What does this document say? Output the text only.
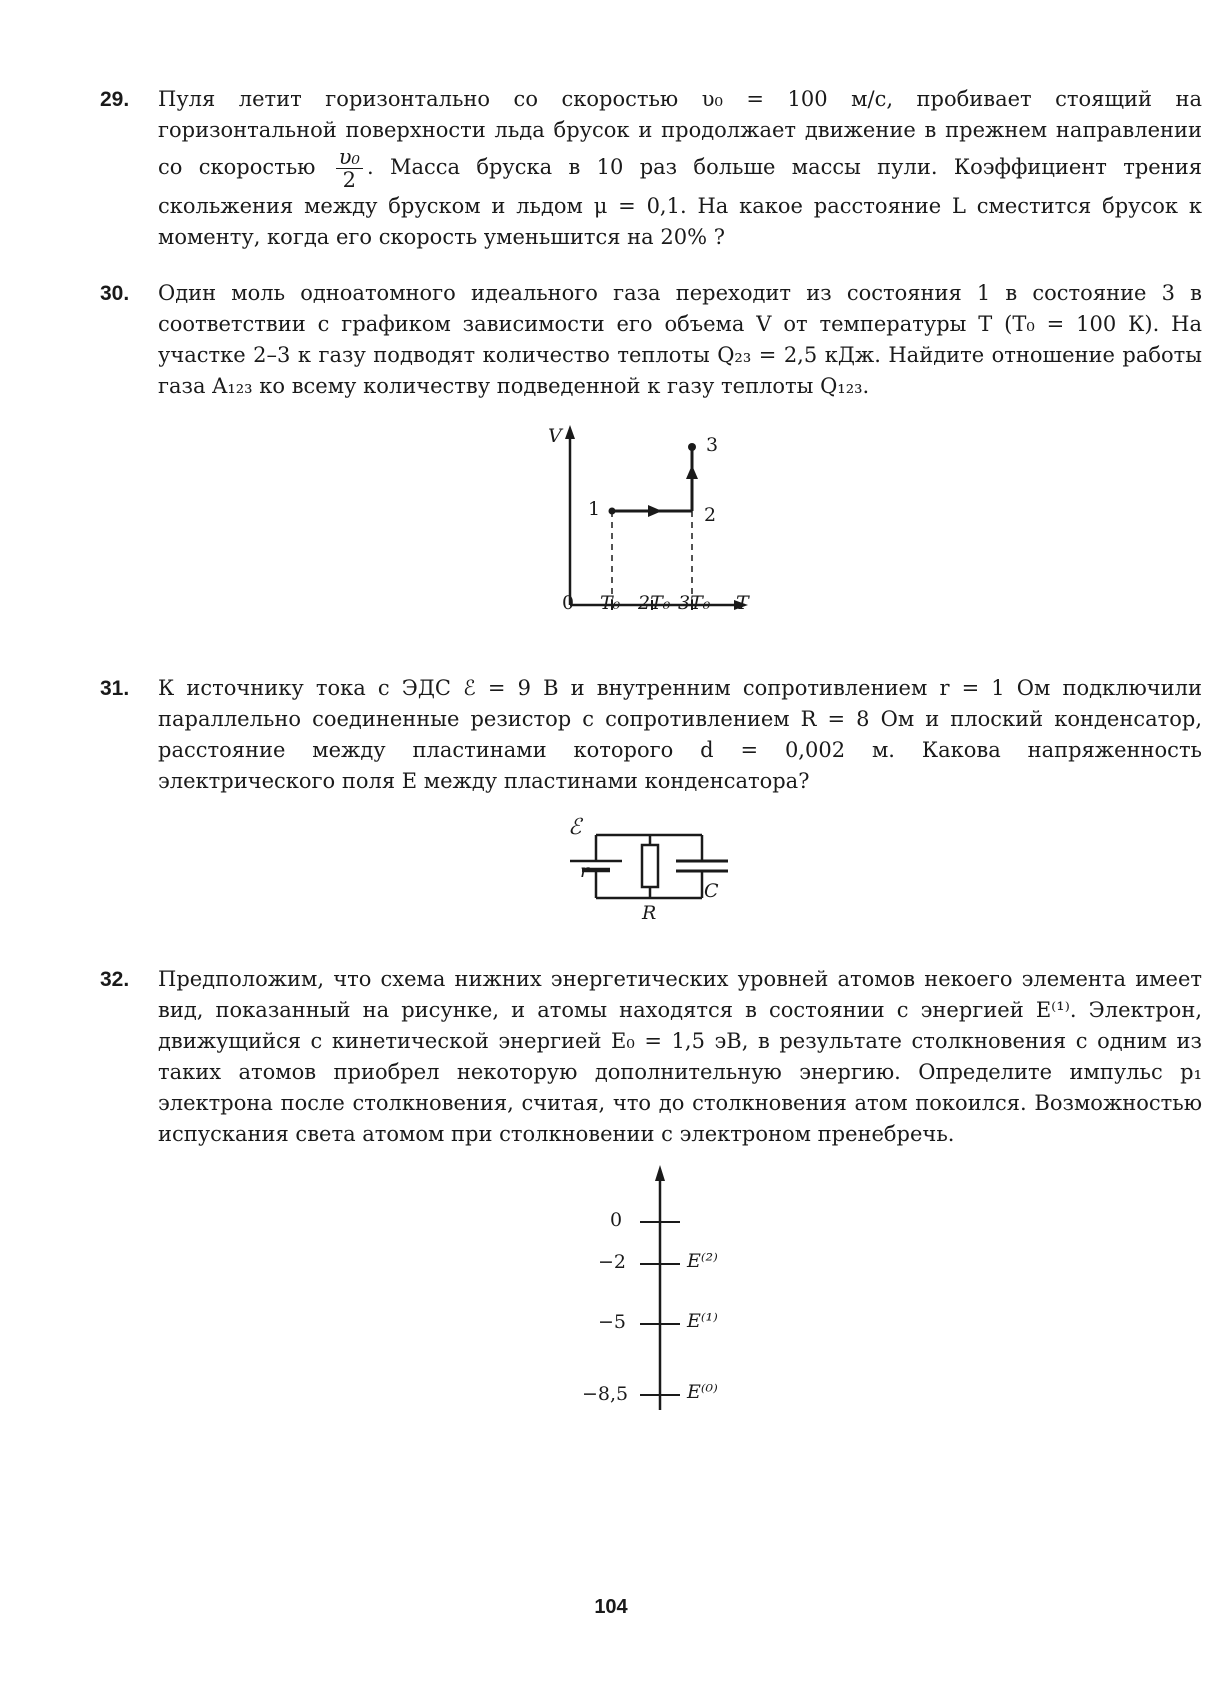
29. Пуля летит горизонтально со скоростью υ₀ = 100 м/с, пробивает стоящий на горизонтальной поверхности льда брусок и продолжает движение в прежнем направлении со скоростью $\frac{\text{υ₀}}{2}$ . Масса бруска в 10 раз больше массы пули. Коэффициент трения скольжения между бруском и льдом μ = 0,1. На какое расстояние L сместится брусок к моменту, когда его скорость уменьшится на 20% ?
30. Один моль одноатомного идеального газа переходит из состояния 1 в состояние 3 в соответствии с графиком зависимости его объема V от температуры T (T₀ = 100 К). На участке 2–3 к газу подводят количество теплоты Q₂₃ = 2,5 кДж. Найдите отношение работы газа A₁₂₃ ко всему количеству подведенной к газу теплоты Q₁₂₃.
V
0 T₀ 2T₀ 3T₀ T
1	2
3
31. К источнику тока с ЭДС ℰ = 9 В и внутренним сопротивлением r = 1 Ом подключили параллельно соединенные резистор с сопротивлением R = 8 Ом и плоский конденсатор, расстояние между пластинами которого d = 0,002 м. Какова напряженность электрического поля E между пластинами конденсатора?
ℰ
r
R
C
32. Предположим, что схема нижних энергетических уровней атомов некоего элемента имеет вид, показанный на рисунке, и атомы находятся в состоянии с энергией E⁽¹⁾. Электрон, движущийся с кинетической энергией E₀ = 1,5 эВ, в результате столкновения с одним из таких атомов приобрел некоторую дополнительную энергию. Определите импульс p₁ электрона после столкновения, считая, что до столкновения атом покоился. Возможностью испускания света атомом при столкновении с электроном пренебречь.
0
−2
−5
−8,5
E⁽²⁾
E⁽¹⁾
E⁽⁰⁾
104
